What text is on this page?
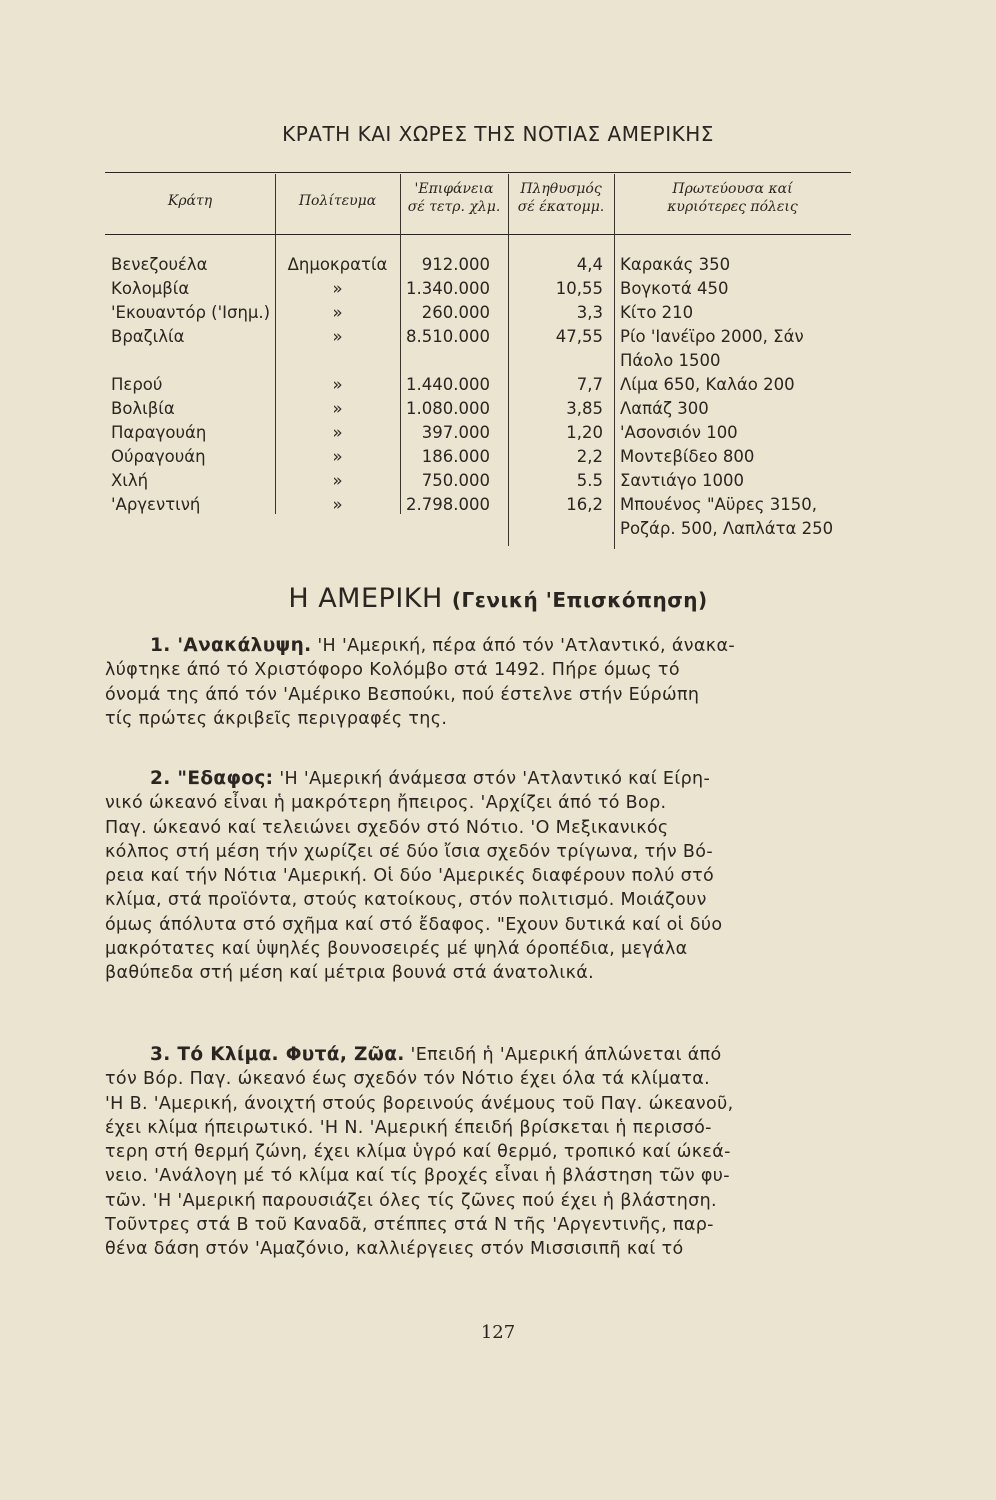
ΚΡΑΤΗ ΚΑΙ ΧΩΡΕΣ ΤΗΣ ΝΟΤΙΑΣ ΑΜΕΡΙΚΗΣ
Κράτη	Πολίτευμα
'Επιφάνεια
σέ τετρ. χλμ.
Πληθυσμός
σέ έκατομμ.
Πρωτεύουσα καί
κυριότερες πόλεις
Βενεζουέλα	Δημοκρατία	912.000	4,4 Καρακάς 350
Κολομβία	»	1.340.000	10,55 Βογκοτά 450
'Εκουαντόρ ('Ισημ.)	»	260.000	3,3 Κίτο 210
Βραζιλία	»	8.510.000	47,55 Ρίο 'Ιανέϊρο 2000, Σάν
Πάολο 1500
Περού	»	1.440.000	7,7 Λίμα 650, Καλάο 200
Βολιβία	»	1.080.000	3,85 Λαπάζ 300
Παραγουάη	»	397.000	1,20 'Ασονσιόν 100
Ούραγουάη	»	186.000	2,2 Μοντεβίδεο 800
Χιλή	»	750.000	5.5 Σαντιάγο 1000
'Αργεντινή	»	2.798.000	16,2 Μπουένος "Αϋρες 3150,
Ροζάρ. 500, Λαπλάτα 250
Η ΑΜΕΡΙΚΗ (Γενική 'Επισκόπηση)
1. 'Ανακάλυψη. 'Η 'Αμερική, πέρα άπό τόν 'Ατλαντικό, άνακα-
λύφτηκε άπό τό Χριστόφορο Κολόμβο στά 1492. Πήρε όμως τό
όνομά της άπό τόν 'Αμέρικο Βεσπούκι, πού έστελνε στήν Εύρώπη
τίς πρώτες άκριβεῖς περιγραφές της.
2. "Εδαφος: 'Η 'Αμερική άνάμεσα στόν 'Ατλαντικό καί Είρη-
νικό ώκεανό εἶναι ἡ μακρότερη ἤπειρος. 'Αρχίζει άπό τό Βορ.
Παγ. ώκεανό καί τελειώνει σχεδόν στό Νότιο. 'Ο Μεξικανικός
κόλπος στή μέση τήν χωρίζει σέ δύο ἴσια σχεδόν τρίγωνα, τήν Βό-
ρεια καί τήν Νότια 'Αμερική. Οἱ δύο 'Αμερικές διαφέρουν πολύ στό
κλίμα, στά προϊόντα, στούς κατοίκους, στόν πολιτισμό. Μοιάζουν
όμως άπόλυτα στό σχῆμα καί στό ἔδαφος. "Εχουν δυτικά καί οἱ δύο
μακρότατες καί ὑψηλές βουνοσειρές μέ ψηλά όροπέδια, μεγάλα
βαθύπεδα στή μέση καί μέτρια βουνά στά άνατολικά.
3. Τό Κλίμα. Φυτά, Ζῶα. 'Επειδή ἡ 'Αμερική άπλώνεται άπό
τόν Βόρ. Παγ. ώκεανό έως σχεδόν τόν Νότιο έχει όλα τά κλίματα.
'Η Β. 'Αμερική, άνοιχτή στούς βορεινούς άνέμους τοῦ Παγ. ώκεανοῦ,
έχει κλίμα ήπειρωτικό. 'Η Ν. 'Αμερική έπειδή βρίσκεται ἡ περισσό-
τερη στή θερμή ζώνη, έχει κλίμα ὑγρό καί θερμό, τροπικό καί ώκεά-
νειο. 'Ανάλογη μέ τό κλίμα καί τίς βροχές εἶναι ἡ βλάστηση τῶν φυ-
τῶν. 'Η 'Αμερική παρουσιάζει όλες τίς ζῶνες πού έχει ἡ βλάστηση.
Τοῦντρες στά Β τοῦ Καναδᾶ, στέππες στά Ν τῆς 'Αργεντινῆς, παρ-
θένα δάση στόν 'Αμαζόνιο, καλλιέργειες στόν Μισσισιπῆ καί τό
127
